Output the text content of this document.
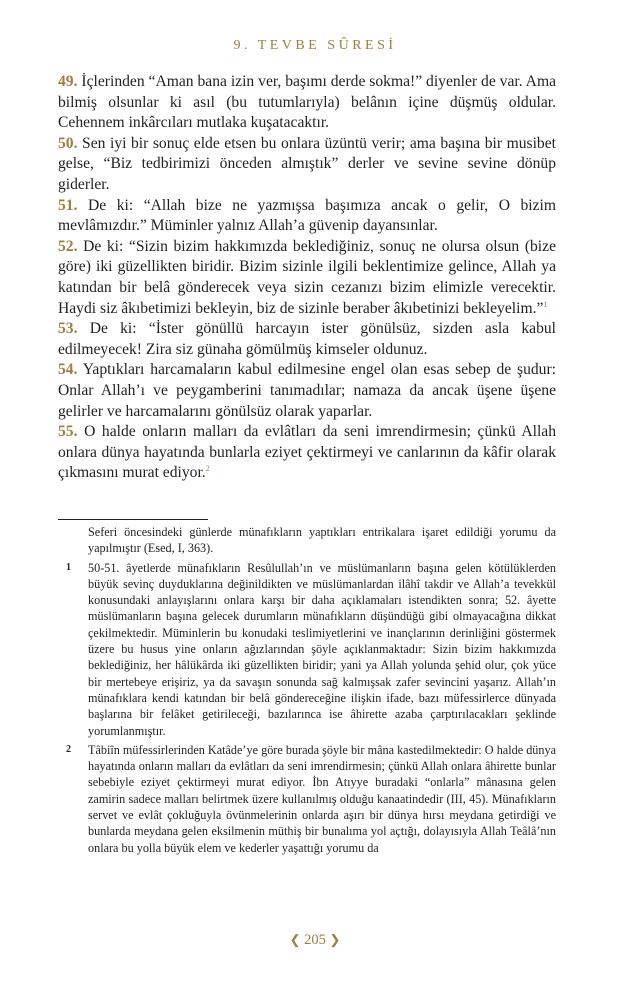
9. TEVBE SÛRESİ

49. İçlerinden “Aman bana izin ver, başımı derde sokma!” diyenler de var. Ama bilmiş olsunlar ki asıl (bu tutumlarıyla) belânın içine düşmüş oldular. Cehennem inkârcıları mutlaka kuşatacaktır.

50. Sen iyi bir sonuç elde etsen bu onlara üzüntü verir; ama başına bir musibet gelse, “Biz tedbirimizi önceden almıştık” derler ve sevine sevine dönüp giderler.

51. De ki: “Allah bize ne yazmışsa başımıza ancak o gelir, O bizim mevlâmızdır.” Müminler yalnız Allah’a güvenip dayansınlar.

52. De ki: “Sizin bizim hakkımızda beklediğiniz, sonuç ne olursa olsun (bize göre) iki güzellikten biridir. Bizim sizinle ilgili beklentimize gelince, Allah ya katından bir belâ gönderecek veya sizin cezanızı bizim elimizle verecektir. Haydi siz âkıbetimizi bekleyin, biz de sizinle beraber âkıbetinizi bekleyelim.”$^1$

53. De ki: “İster gönüllü harcayın ister gönülsüz, sizden asla kabul edilmeyecek! Zira siz günaha gömülmüş kimseler oldunuz.

54. Yaptıkları harcamaların kabul edilmesine engel olan esas sebep de şudur: Onlar Allah’ı ve peygamberini tanımadılar; namaza da ancak üşene üşene gelirler ve harcamalarını gönülsüz olarak yaparlar.

55. O halde onların malları da evlâtları da seni imrendirmesin; çünkü Allah onlara dünya hayatında bunlarla eziyet çektirmeyi ve canlarının da kâfir olarak çıkmasını murat ediyor.$^2$

Seferi öncesindeki günlerde münafıkların yaptıkları entrikalara işaret edildiği yorumu da yapılmıştır (Esed, I, 363).
1	50-51. âyetlerde münafıkların Resûlullah’ın ve müslümanların başına gelen kötülüklerden büyük sevinç duyduklarına değinildikten ve müslümanlardan ilâhî takdir ve Allah’a tevekkül konusundaki anlayışlarını onlara karşı bir daha açıklamaları istendikten sonra; 52. âyette müslümanların başına gelecek durumların münafıkların düşündüğü gibi olmayacağına dikkat çekilmektedir. Müminlerin bu konudaki teslimiyetlerini ve inançlarının derinliğini göstermek üzere bu husus yine onların ağızlarından şöyle açıklanmaktadır: Sizin bizim hakkımızda beklediğiniz, her hâlükârda iki güzellikten biridir; yani ya Allah yolunda şehid olur, çok yüce bir mertebeye erişiriz, ya da savaşın sonunda sağ kalmışsak zafer sevincini yaşarız. Allah’ın münafıklara kendi katından bir belâ göndereceğine ilişkin ifade, bazı müfessirlerce dünyada başlarına bir felâket getirileceği, bazılarınca ise âhirette azaba çarptırılacakları şeklinde yorumlanmıştır.
2	Tâbiîn müfessirlerinden Katâde’ye göre burada şöyle bir mâna kastedilmektedir: O halde dünya hayatında onların malları da evlâtları da seni imrendirmesin; çünkü Allah onlara âhirette bunlar sebebiyle eziyet çektirmeyi murat ediyor. İbn Atıyye buradaki “onlarla” mânasına gelen zamirin sadece malları belirtmek üzere kullanılmış olduğu kanaatindedir (III, 45). Münafıkların servet ve evlât çokluğuyla övünmelerinin onlarda aşırı bir dünya hırsı meydana getirdiği ve bunlarda meydana gelen eksilmenin müthiş bir bunalıma yol açtığı, dolayısıyla Allah Teâlâ’nın onlara bu yolla büyük elem ve kederler yaşattığı yorumu da
❮ 205 ❯
